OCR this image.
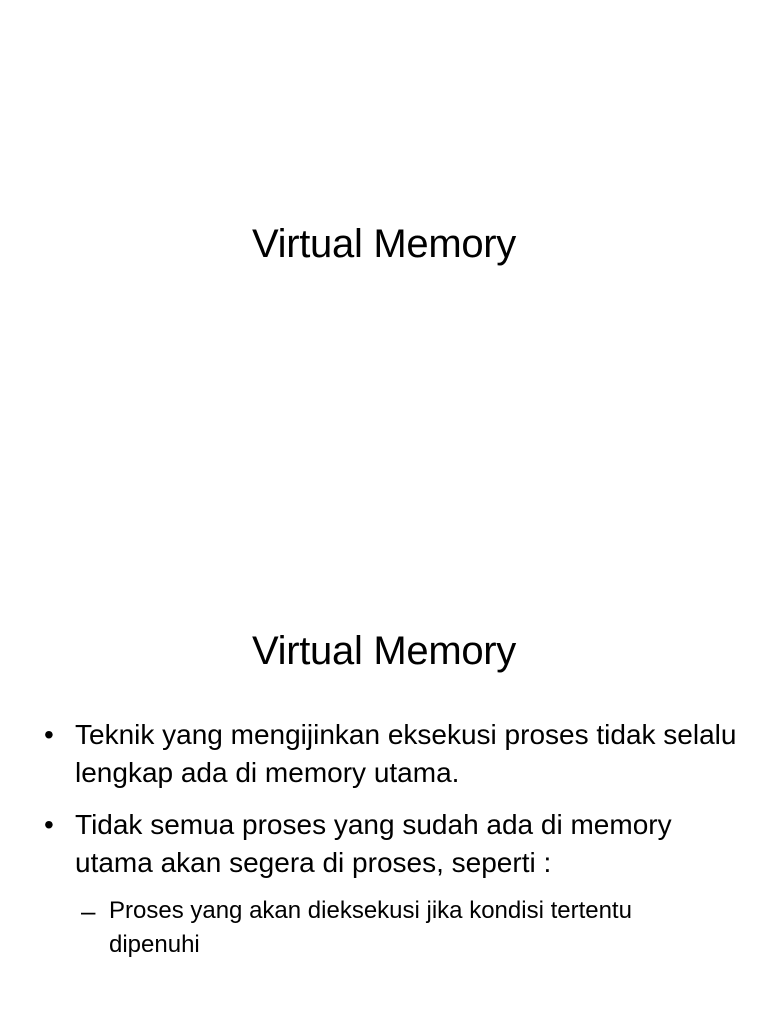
Virtual Memory
Virtual Memory
• Teknik yang mengijinkan eksekusi proses tidak selalu lengkap ada di memory utama.
• Tidak semua proses yang sudah ada di memory utama akan segera di proses, seperti :
– Proses yang akan dieksekusi jika kondisi tertentu dipenuhi
